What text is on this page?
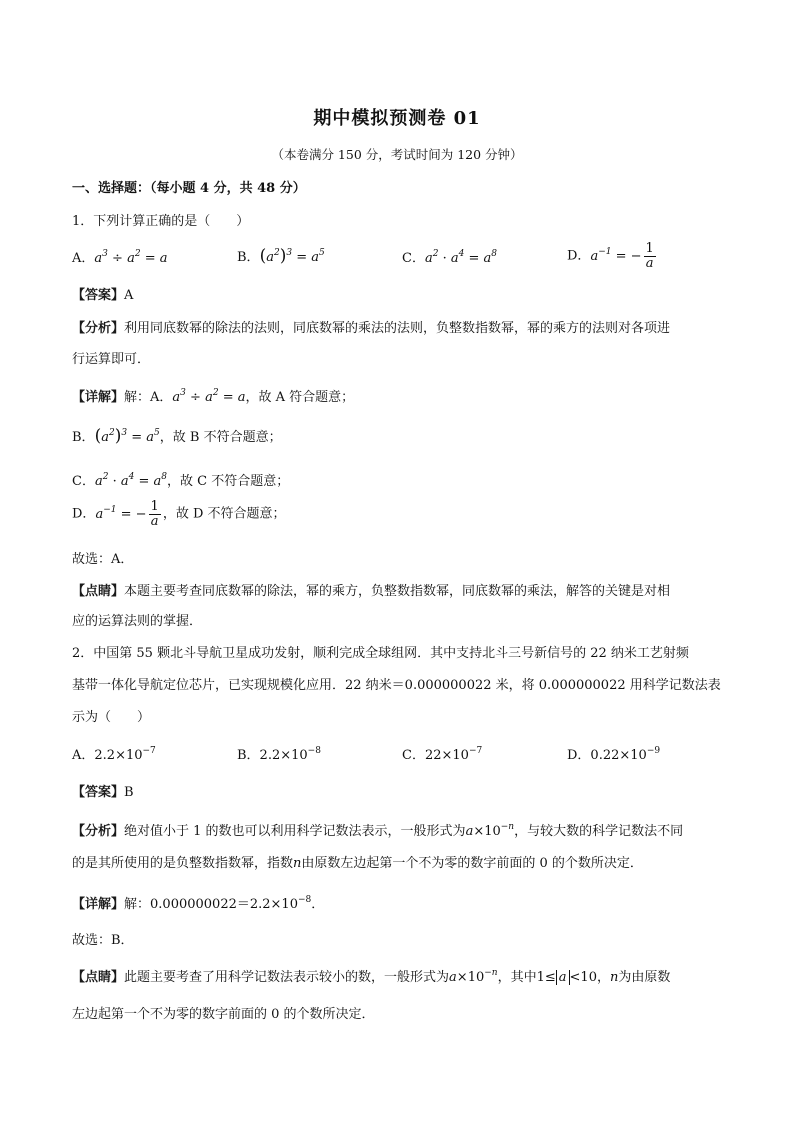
期中模拟预测卷 01
（本卷满分 150 分，考试时间为 120 分钟）
一、选择题：（每小题 4 分，共 48 分）
1．下列计算正确的是（　　）
A．$a^3 \div a^2 = a$	B．$(a^2)^3 = a^5$	C．$a^2 \cdot a^4 = a^8$	D．$a^{-1}$ = − $\frac{1}{a}$
【答案】A
【分析】利用同底数幂的除法的法则，同底数幂的乘法的法则，负整数指数幂，幂的乘方的法则对各项进
行运算即可．
【详解】解：A．$a^3 \div a^2 = a$，故 A 符合题意；
B．$(a^2)^3 = a^5$，故 B 不符合题意；
C．$a^2 \cdot a^4 = a^8$，故 C 不符合题意；
D．$a^{-1}$ = − $\frac{1}{a}$ ，故 D 不符合题意；
故选：A．
【点睛】本题主要考查同底数幂的除法，幂的乘方，负整数指数幂，同底数幂的乘法，解答的关键是对相
应的运算法则的掌握．
2．中国第 55 颗北斗导航卫星成功发射，顺利完成全球组网．其中支持北斗三号新信号的 22 纳米工艺射频
基带一体化导航定位芯片，已实现规模化应用．22 纳米＝0.000000022 米，将 0.000000022 用科学记数法表
示为（　　）
A．$2.2\times 10^{-7}$	B．$2.2\times 10^{-8}$	C．$22\times 10^{-7}$	D．$0.22\times 10^{-9}$
【答案】B
【分析】绝对值小于 1 的数也可以利用科学记数法表示，一般形式为$a\times 10^{-n}$，与较大数的科学记数法不同
的是其所使用的是负整数指数幂，指数n由原数左边起第一个不为零的数字前面的 0 的个数所决定．
【详解】解：$0.000000022=2.2\times 10^{-8}$．
故选：B．
【点睛】此题主要考查了用科学记数法表示较小的数，一般形式为$a\times 10^{-n}$，其中1≤ a <10，n为由原数
左边起第一个不为零的数字前面的 0 的个数所决定．
